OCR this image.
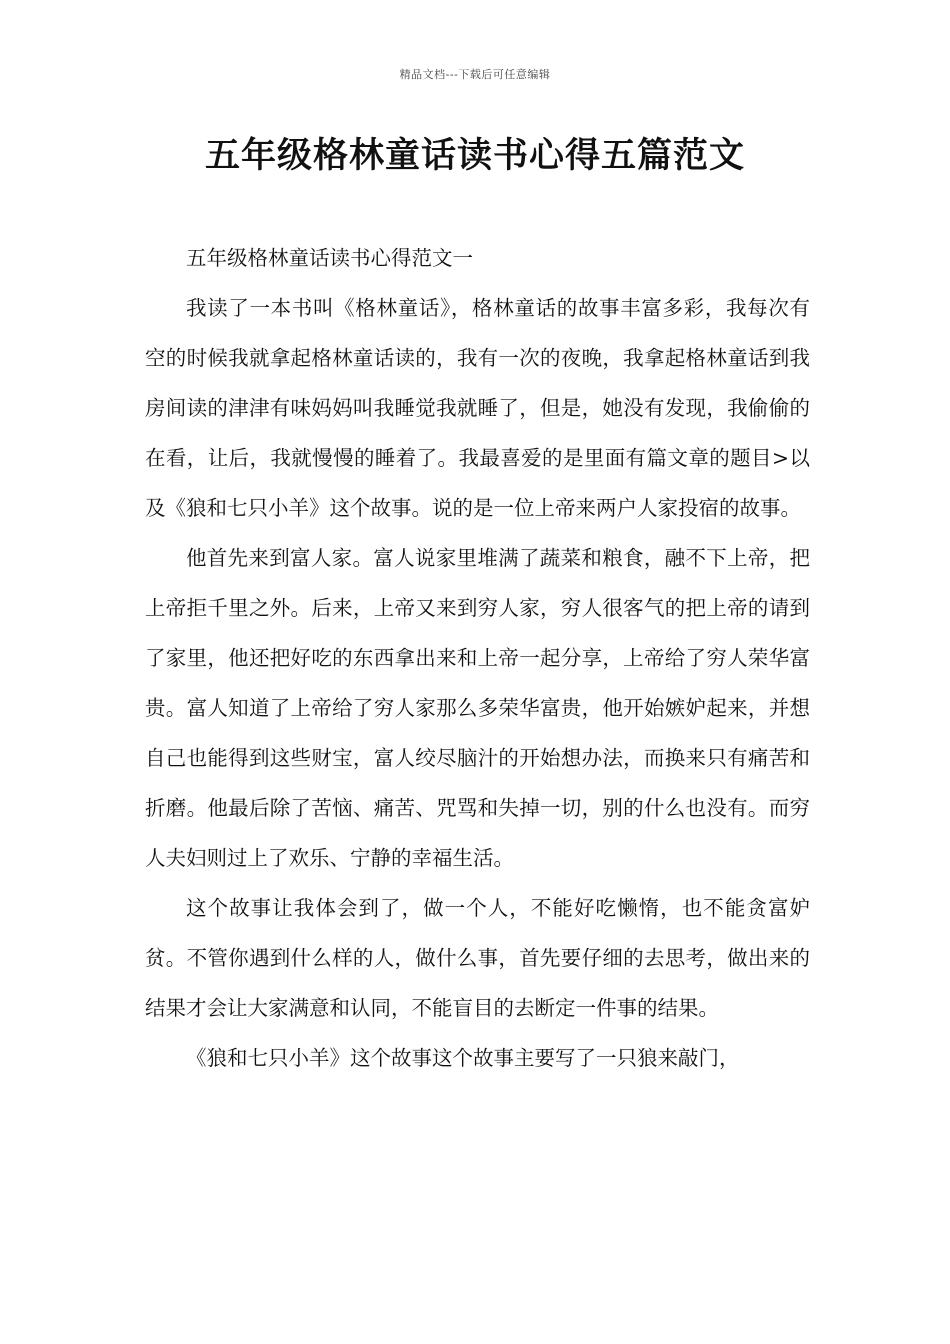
精品文档---下载后可任意编辑
五年级格林童话读书心得五篇范文

五年级格林童话读书心得范文一

我读了一本书叫《格林童话》，格林童话的故事丰富多彩，我每次有空的时候我就拿起格林童话读的，我有一次的夜晚，我拿起格林童话到我房间读的津津有味妈妈叫我睡觉我就睡了，但是，她没有发现，我偷偷的在看，让后，我就慢慢的睡着了。我最喜爱的是里面有篇文章的题目>以及《狼和七只小羊》这个故事。说的是一位上帝来两户人家投宿的故事。

他首先来到富人家。富人说家里堆满了蔬菜和粮食，融不下上帝，把上帝拒千里之外。后来，上帝又来到穷人家，穷人很客气的把上帝的请到了家里，他还把好吃的东西拿出来和上帝一起分享，上帝给了穷人荣华富贵。富人知道了上帝给了穷人家那么多荣华富贵，他开始嫉妒起来，并想自己也能得到这些财宝，富人绞尽脑汁的开始想办法，而换来只有痛苦和折磨。他最后除了苦恼、痛苦、咒骂和失掉一切，别的什么也没有。而穷人夫妇则过上了欢乐、宁静的幸福生活。

这个故事让我体会到了，做一个人，不能好吃懒惰，也不能贪富妒贫。不管你遇到什么样的人，做什么事，首先要仔细的去思考，做出来的结果才会让大家满意和认同，不能盲目的去断定一件事的结果。

《狼和七只小羊》这个故事这个故事主要写了一只狼来敲门，
